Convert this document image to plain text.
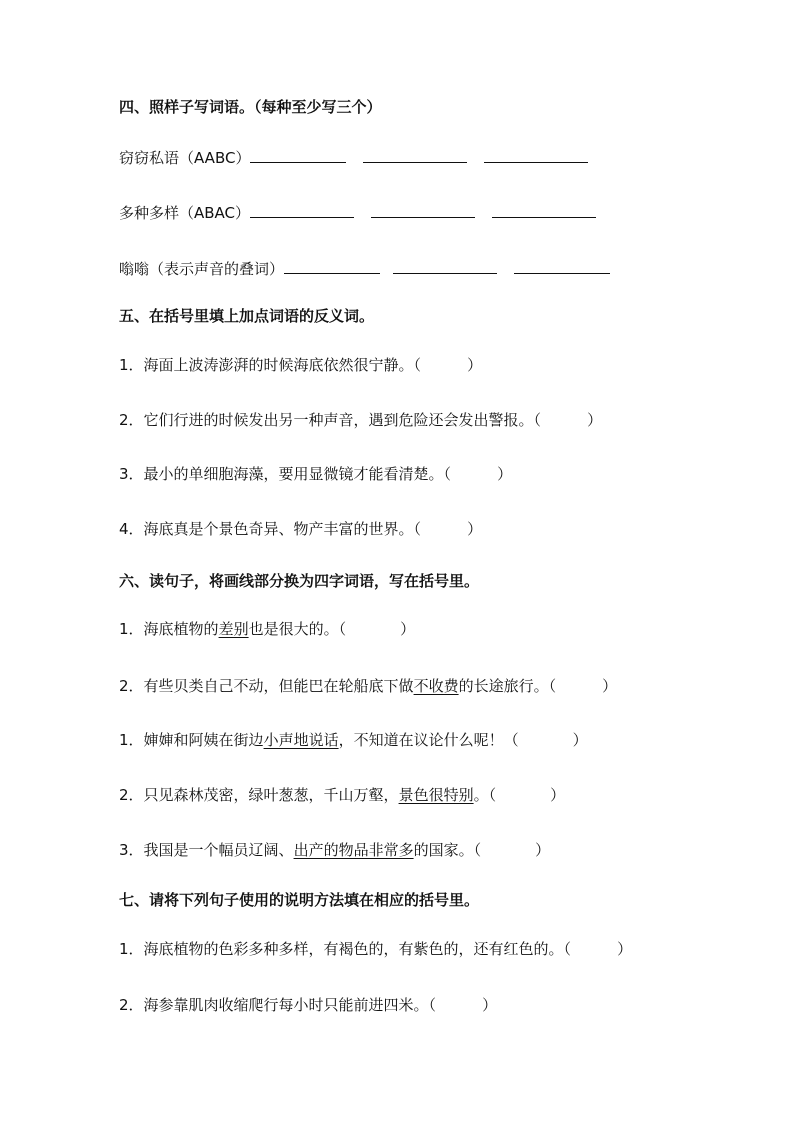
四、照样子写词语。（每种至少写三个）
窃窃私语（AABC）
多种多样（ABAC）
嗡嗡（表示声音的叠词）
五、在括号里填上加点词语的反义词。
1．海面上波涛澎湃的时候海底依然很宁静。（	）
2．它们行进的时候发出另一种声音，遇到危险还会发出警报。（	）
3．最小的单细胞海藻，要用显微镜才能看清楚。（	）
4．海底真是个景色奇异、物产丰富的世界。（	）
六、读句子，将画线部分换为四字词语，写在括号里。
1．海底植物的差别也是很大的。（	）
2．有些贝类自己不动，但能巴在轮船底下做不收费的长途旅行。（	）
1．婶婶和阿姨在街边小声地说话，不知道在议论什么呢！（	）
2．只见森林茂密，绿叶葱葱，千山万壑，景色很特别。（	）
3．我国是一个幅员辽阔、出产的物品非常多的国家。（	）
七、请将下列句子使用的说明方法填在相应的括号里。
1．海底植物的色彩多种多样，有褐色的，有紫色的，还有红色的。（	）
2．海参靠肌肉收缩爬行每小时只能前进四米。（	）
